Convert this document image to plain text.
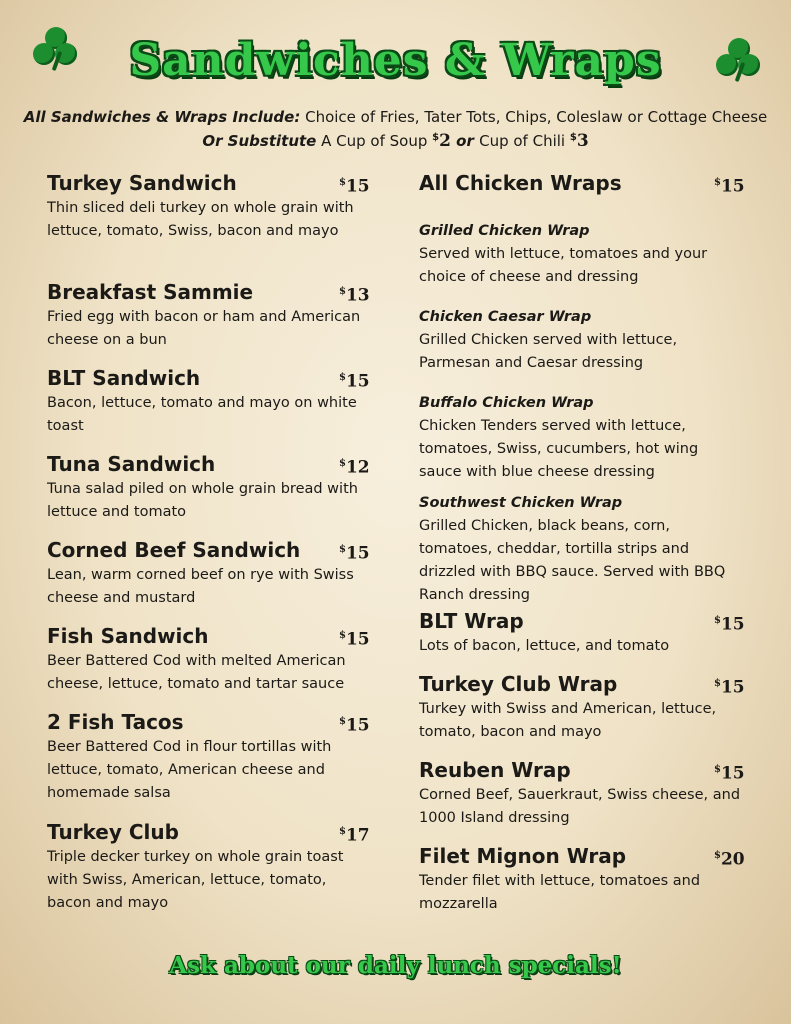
Sandwiches & Wraps
All Sandwiches & Wraps Include: Choice of Fries, Tater Tots, Chips, Coleslaw or Cottage Cheese
Or Substitute A Cup of Soup $2 or Cup of Chili $3
Turkey Sandwich	$15
Thin sliced deli turkey on whole grain with lettuce, tomato, Swiss, bacon and mayo
Breakfast Sammie	$13
Fried egg with bacon or ham and American cheese on a bun
BLT Sandwich	$15
Bacon, lettuce, tomato and mayo on white toast
Tuna Sandwich	$12
Tuna salad piled on whole grain bread with lettuce and tomato
Corned Beef Sandwich	$15
Lean, warm corned beef on rye with Swiss cheese and mustard
Fish Sandwich	$15
Beer Battered Cod with melted American cheese, lettuce, tomato and tartar sauce
2 Fish Tacos	$15
Beer Battered Cod in flour tortillas with lettuce, tomato, American cheese and homemade salsa
Turkey Club	$17
Triple decker turkey on whole grain toast with Swiss, American, lettuce, tomato, bacon and mayo
All Chicken Wraps	$15
Grilled Chicken Wrap
Served with lettuce, tomatoes and your choice of cheese and dressing
Chicken Caesar Wrap
Grilled Chicken served with lettuce, Parmesan and Caesar dressing
Buffalo Chicken Wrap
Chicken Tenders served with lettuce, tomatoes, Swiss, cucumbers, hot wing sauce with blue cheese dressing
Southwest Chicken Wrap
Grilled Chicken, black beans, corn, tomatoes, cheddar, tortilla strips and drizzled with BBQ sauce. Served with BBQ Ranch dressing
BLT Wrap	$15
Lots of bacon, lettuce, and tomato
Turkey Club Wrap	$15
Turkey with Swiss and American, lettuce, tomato, bacon and mayo
Reuben Wrap	$15
Corned Beef, Sauerkraut, Swiss cheese, and 1000 Island dressing
Filet Mignon Wrap	$20
Tender filet with lettuce, tomatoes and mozzarella
Ask about our daily lunch specials!
